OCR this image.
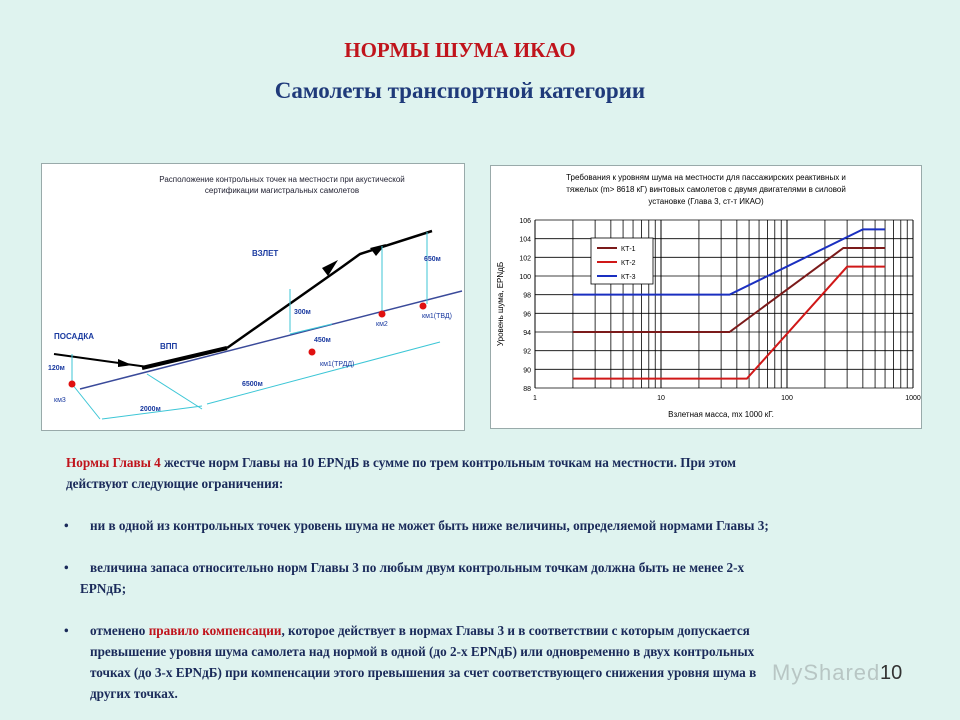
НОРМЫ ШУМА ИКАО
Самолеты транспортной категории
Расположение контрольных точек на местности при акустической
сертификации магистральных самолетов
ПОСАДКА
ВЗЛЕТ
ВПП
120м
2000м
6500м
450м
300м
650м
км3
км1(ТРДД)
км2
км1(ТВД)
Требования к уровням шума на местности для пассажирских реактивных и
тяжелых (m> 8618 кГ) винтовых самолетов с двумя двигателями в силовой
установке (Глава 3, ст-т ИКАО)
Взлетная масса, mx 1000 кГ.
Уровень шума, EPNдБ
88
90
92
94
96
98
100
102
104
106
1	10	100	1000
КТ-1
КТ-2
КТ-3

Нормы Главы 4 жестче норм Главы на 10 EPNдБ в сумме по трем контрольным точкам на местности. При этом
действуют следующие ограничения:

• ни в одной из контрольных точек уровень шума не может быть ниже величины, определяемой нормами Главы 3;

• величина запаса относительно норм Главы 3 по любым двум контрольным точкам должна быть не менее 2-х
EPNдБ;

• отменено правило компенсации, которое действует в нормах Главы 3 и в соответствии с которым допускается
превышение уровня шума самолета над нормой в одной (до 2-х EPNдБ) или одновременно в двух контрольных
точках (до 3-х EPNдБ) при компенсации этого превышения за счет соответствующего снижения уровня шума в
других точках.

MyShared 10
